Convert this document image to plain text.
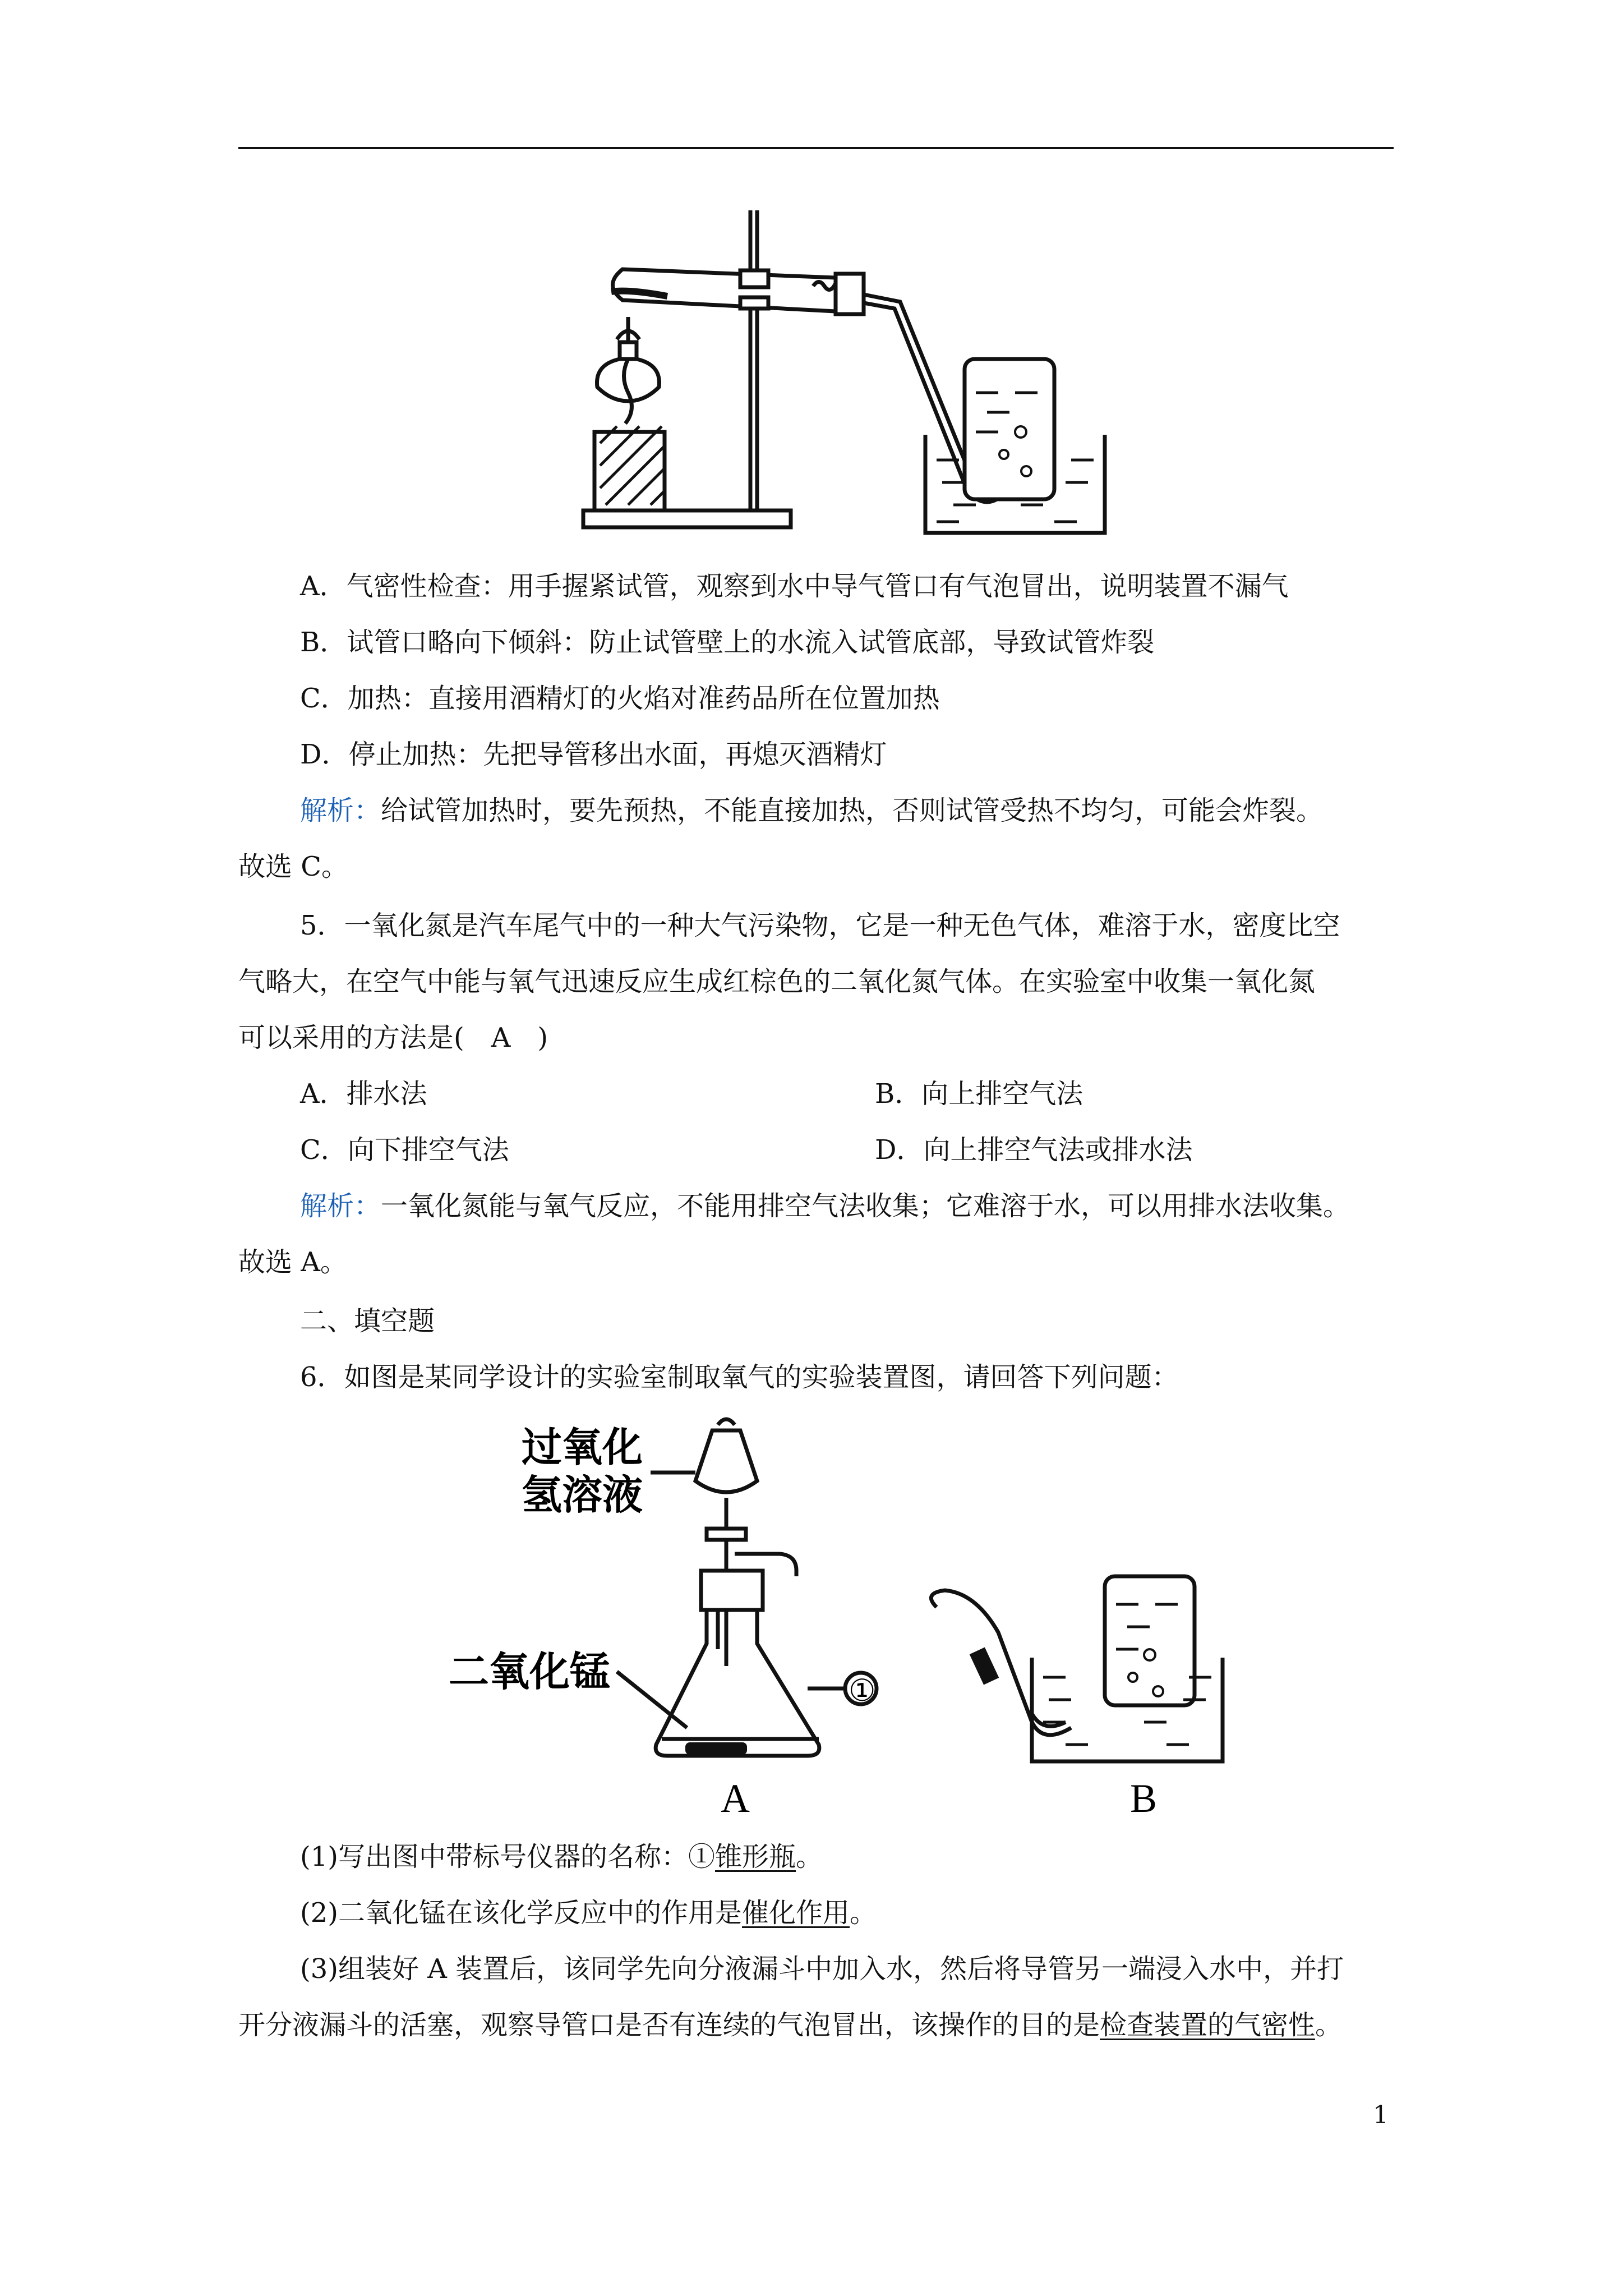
A．气密性检查：用手握紧试管，观察到水中导气管口有气泡冒出，说明装置不漏气
B．试管口略向下倾斜：防止试管壁上的水流入试管底部，导致试管炸裂
C．加热：直接用酒精灯的火焰对准药品所在位置加热
D．停止加热：先把导管移出水面，再熄灭酒精灯
解析：给试管加热时，要先预热，不能直接加热，否则试管受热不均匀，可能会炸裂。
故选 C。
5．一氧化氮是汽车尾气中的一种大气污染物，它是一种无色气体，难溶于水，密度比空
气略大，在空气中能与氧气迅速反应生成红棕色的二氧化氮气体。在实验室中收集一氧化氮
可以采用的方法是(　A　)
A．排水法	B．向上排空气法
C．向下排空气法	D．向上排空气法或排水法
解析：一氧化氮能与氧气反应，不能用排空气法收集；它难溶于水，可以用排水法收集。
故选 A。
二、填空题
6．如图是某同学设计的实验室制取氧气的实验装置图，请回答下列问题：
过氧化
氢溶液
二氧化锰	①
A	B
(1)写出图中带标号仪器的名称：①锥形瓶。
(2)二氧化锰在该化学反应中的作用是催化作用。
(3)组装好 A 装置后，该同学先向分液漏斗中加入水，然后将导管另一端浸入水中，并打
开分液漏斗的活塞，观察导管口是否有连续的气泡冒出，该操作的目的是检查装置的气密性。
1
